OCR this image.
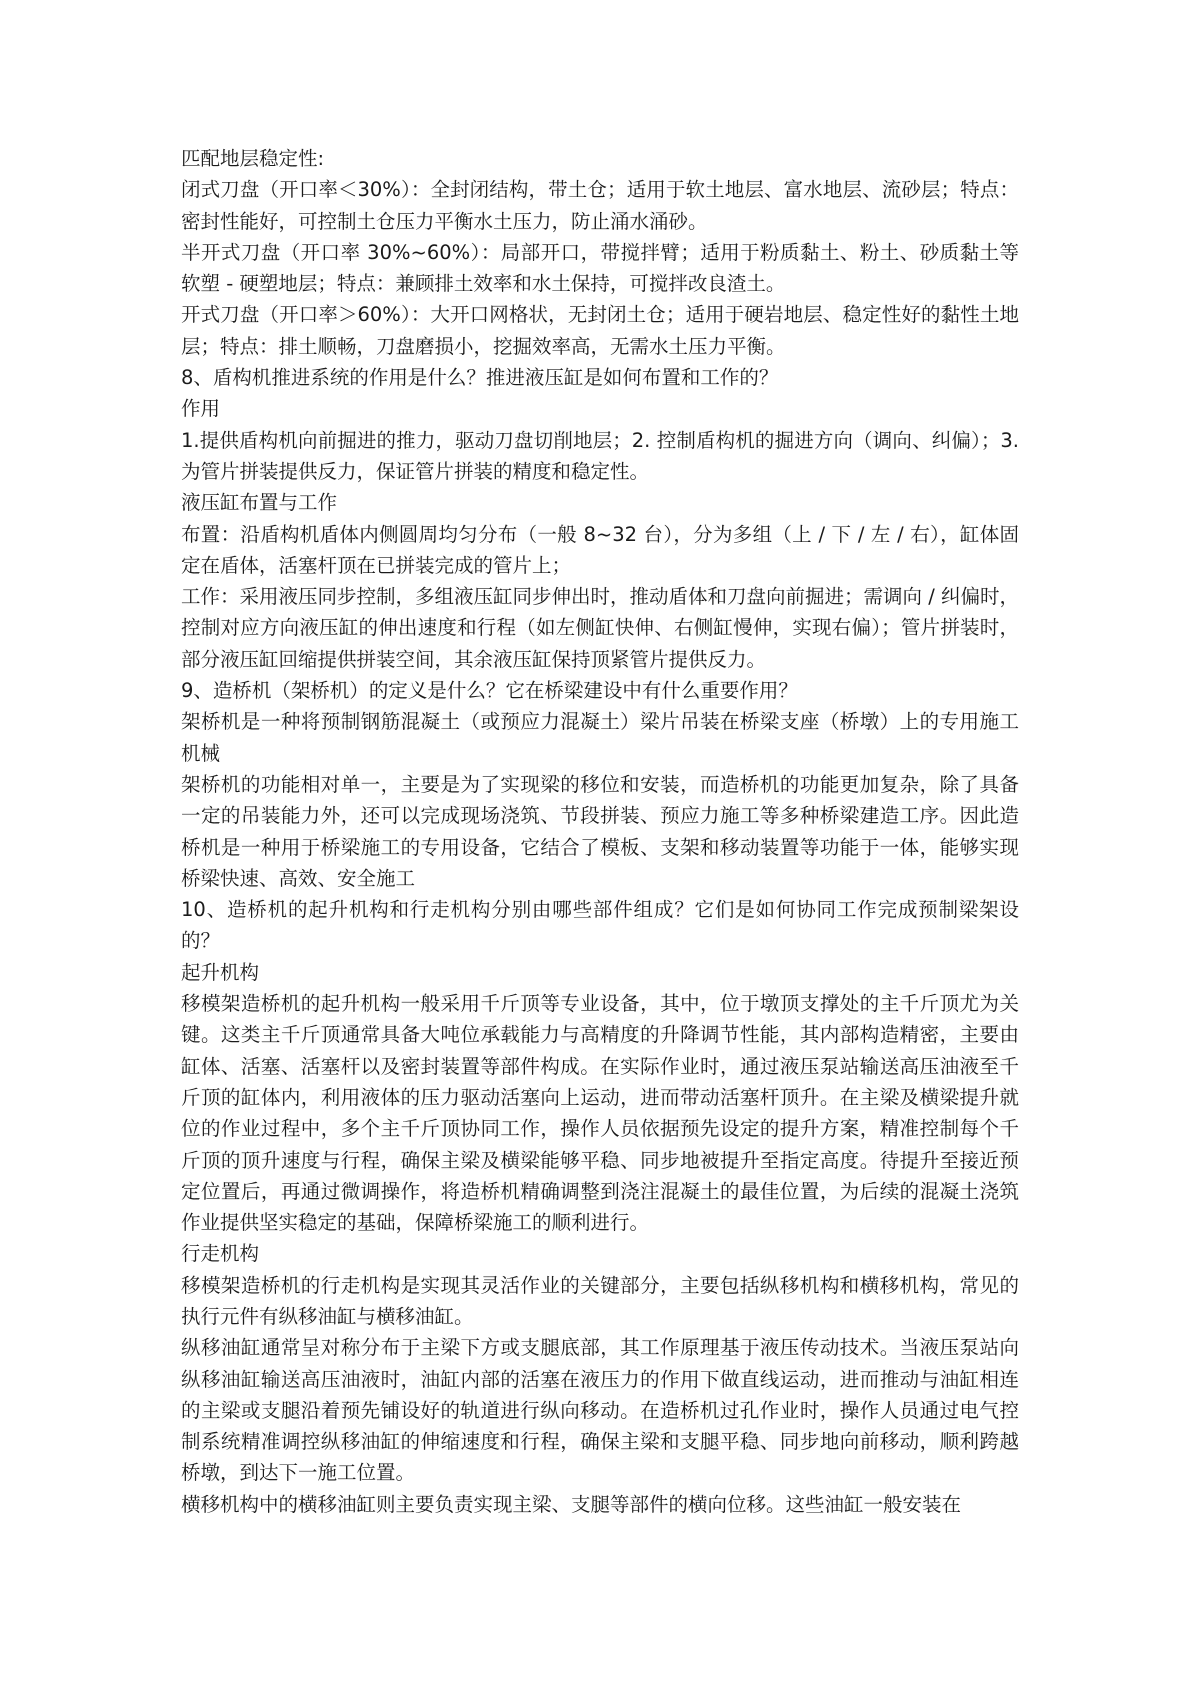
匹配地层稳定性:

闭式刀盘（开口率＜30%）：全封闭结构，带土仓；适用于软土地层、富水地层、流砂层；特点：密封性能好，可控制土仓压力平衡水土压力，防止涌水涌砂。

半开式刀盘（开口率 30%~60%）：局部开口，带搅拌臂；适用于粉质黏土、粉土、砂质黏土等软塑 - 硬塑地层；特点：兼顾排土效率和水土保持，可搅拌改良渣土。

开式刀盘（开口率＞60%）：大开口网格状，无封闭土仓；适用于硬岩地层、稳定性好的黏性土地层；特点：排土顺畅，刀盘磨损小，挖掘效率高，无需水土压力平衡。

8、盾构机推进系统的作用是什么？推进液压缸是如何布置和工作的？

作用

1.提供盾构机向前掘进的推力，驱动刀盘切削地层；2. 控制盾构机的掘进方向（调向、纠偏）；3. 为管片拼装提供反力，保证管片拼装的精度和稳定性。

液压缸布置与工作

布置：沿盾构机盾体内侧圆周均匀分布（一般 8~32 台），分为多组（上 / 下 / 左 / 右），缸体固定在盾体，活塞杆顶在已拼装完成的管片上；

工作：采用液压同步控制，多组液压缸同步伸出时，推动盾体和刀盘向前掘进；需调向 / 纠偏时，控制对应方向液压缸的伸出速度和行程（如左侧缸快伸、右侧缸慢伸，实现右偏）；管片拼装时，部分液压缸回缩提供拼装空间，其余液压缸保持顶紧管片提供反力。

9、造桥机（架桥机）的定义是什么？它在桥梁建设中有什么重要作用？

架桥机是一种将预制钢筋混凝土（或预应力混凝土）梁片吊装在桥梁支座（桥墩）上的专用施工机械

架桥机的功能相对单一，主要是为了实现梁的移位和安装，而造桥机的功能更加复杂，除了具备一定的吊装能力外，还可以完成现场浇筑、节段拼装、预应力施工等多种桥梁建造工序。因此造桥机是一种用于桥梁施工的专用设备，它结合了模板、支架和移动装置等功能于一体，能够实现桥梁快速、高效、安全施工

10、造桥机的起升机构和行走机构分别由哪些部件组成？它们是如何协同工作完成预制梁架设的？

起升机构

移模架造桥机的起升机构一般采用千斤顶等专业设备，其中，位于墩顶支撑处的主千斤顶尤为关键。这类主千斤顶通常具备大吨位承载能力与高精度的升降调节性能，其内部构造精密，主要由缸体、活塞、活塞杆以及密封装置等部件构成。在实际作业时，通过液压泵站输送高压油液至千斤顶的缸体内，利用液体的压力驱动活塞向上运动，进而带动活塞杆顶升。在主梁及横梁提升就位的作业过程中，多个主千斤顶协同工作，操作人员依据预先设定的提升方案，精准控制每个千斤顶的顶升速度与行程，确保主梁及横梁能够平稳、同步地被提升至指定高度。待提升至接近预定位置后，再通过微调操作，将造桥机精确调整到浇注混凝土的最佳位置，为后续的混凝土浇筑作业提供坚实稳定的基础，保障桥梁施工的顺利进行。

行走机构

移模架造桥机的行走机构是实现其灵活作业的关键部分，主要包括纵移机构和横移机构，常见的执行元件有纵移油缸与横移油缸。

纵移油缸通常呈对称分布于主梁下方或支腿底部，其工作原理基于液压传动技术。当液压泵站向纵移油缸输送高压油液时，油缸内部的活塞在液压力的作用下做直线运动，进而推动与油缸相连的主梁或支腿沿着预先铺设好的轨道进行纵向移动。在造桥机过孔作业时，操作人员通过电气控制系统精准调控纵移油缸的伸缩速度和行程，确保主梁和支腿平稳、同步地向前移动，顺利跨越桥墩，到达下一施工位置。

横移机构中的横移油缸则主要负责实现主梁、支腿等部件的横向位移。这些油缸一般安装在
